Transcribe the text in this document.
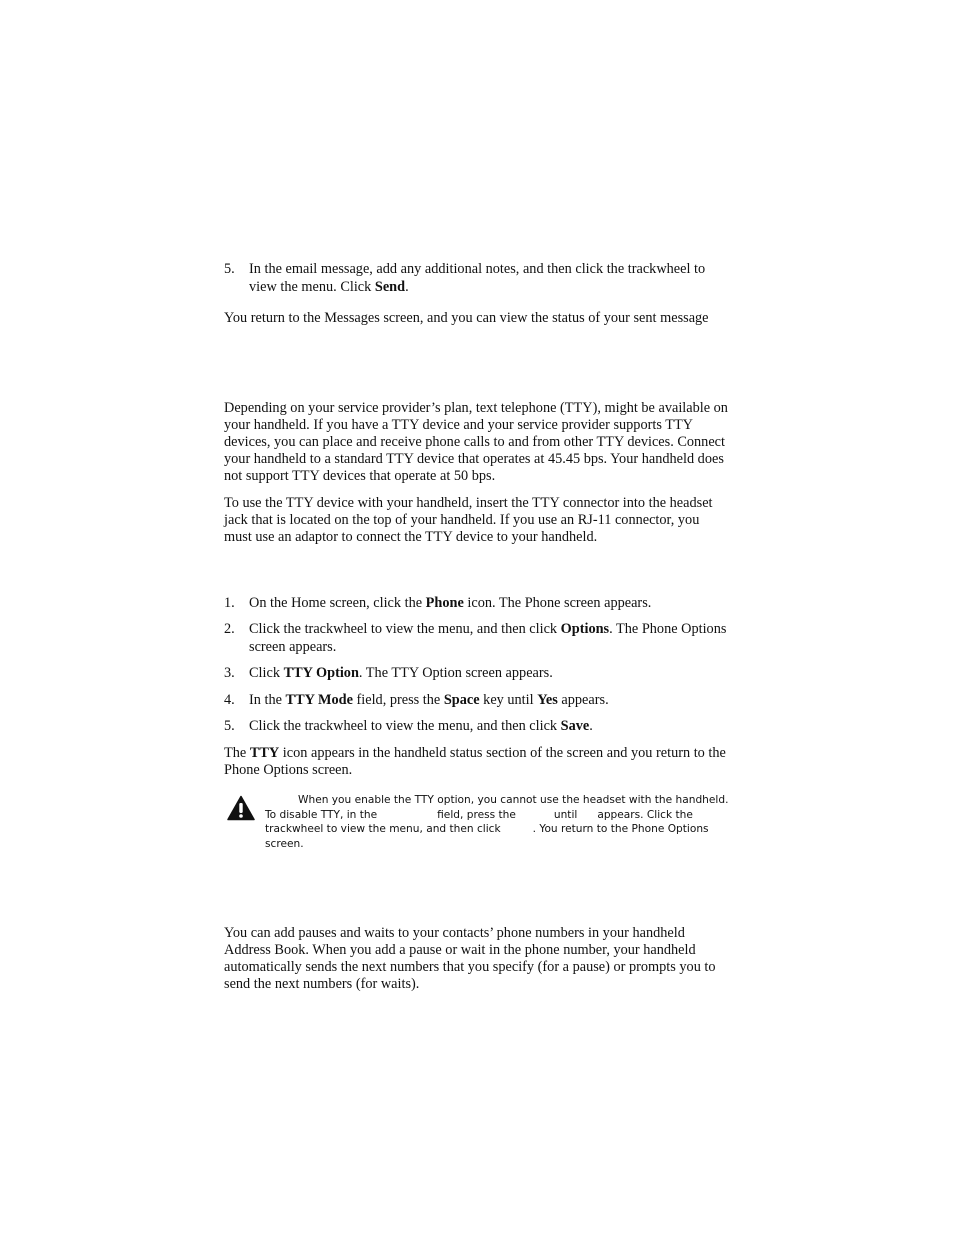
5. In the email message, add any additional notes, and then click the trackwheel to view the menu. Click Send.

You return to the Messages screen, and you can view the status of your sent message

Depending on your service provider’s plan, text telephone (TTY), might be available on your handheld. If you have a TTY device and your service provider supports TTY devices, you can place and receive phone calls to and from other TTY devices. Connect your handheld to a standard TTY device that operates at 45.45 bps. Your handheld does not support TTY devices that operate at 50 bps.

To use the TTY device with your handheld, insert the TTY connector into the headset jack that is located on the top of your handheld. If you use an RJ-11 connector, you must use an adaptor to connect the TTY device to your handheld.

1. On the Home screen, click the Phone icon. The Phone screen appears.
2. Click the trackwheel to view the menu, and then click Options. The Phone Options screen appears.
3. Click TTY Option. The TTY Option screen appears.
4. In the TTY Mode field, press the Space key until Yes appears.
5. Click the trackwheel to view the menu, and then click Save.

The TTY icon appears in the handheld status section of the screen and you return to the Phone Options screen.

When you enable the TTY option, you cannot use the headset with the handheld.
To disable TTY, in the	field, press the	until appears. Click the
trackwheel to view the menu, and then click	. You return to the Phone Options
screen.

You can add pauses and waits to your contacts’ phone numbers in your handheld Address Book. When you add a pause or wait in the phone number, your handheld automatically sends the next numbers that you specify (for a pause) or prompts you to send the next numbers (for waits).
